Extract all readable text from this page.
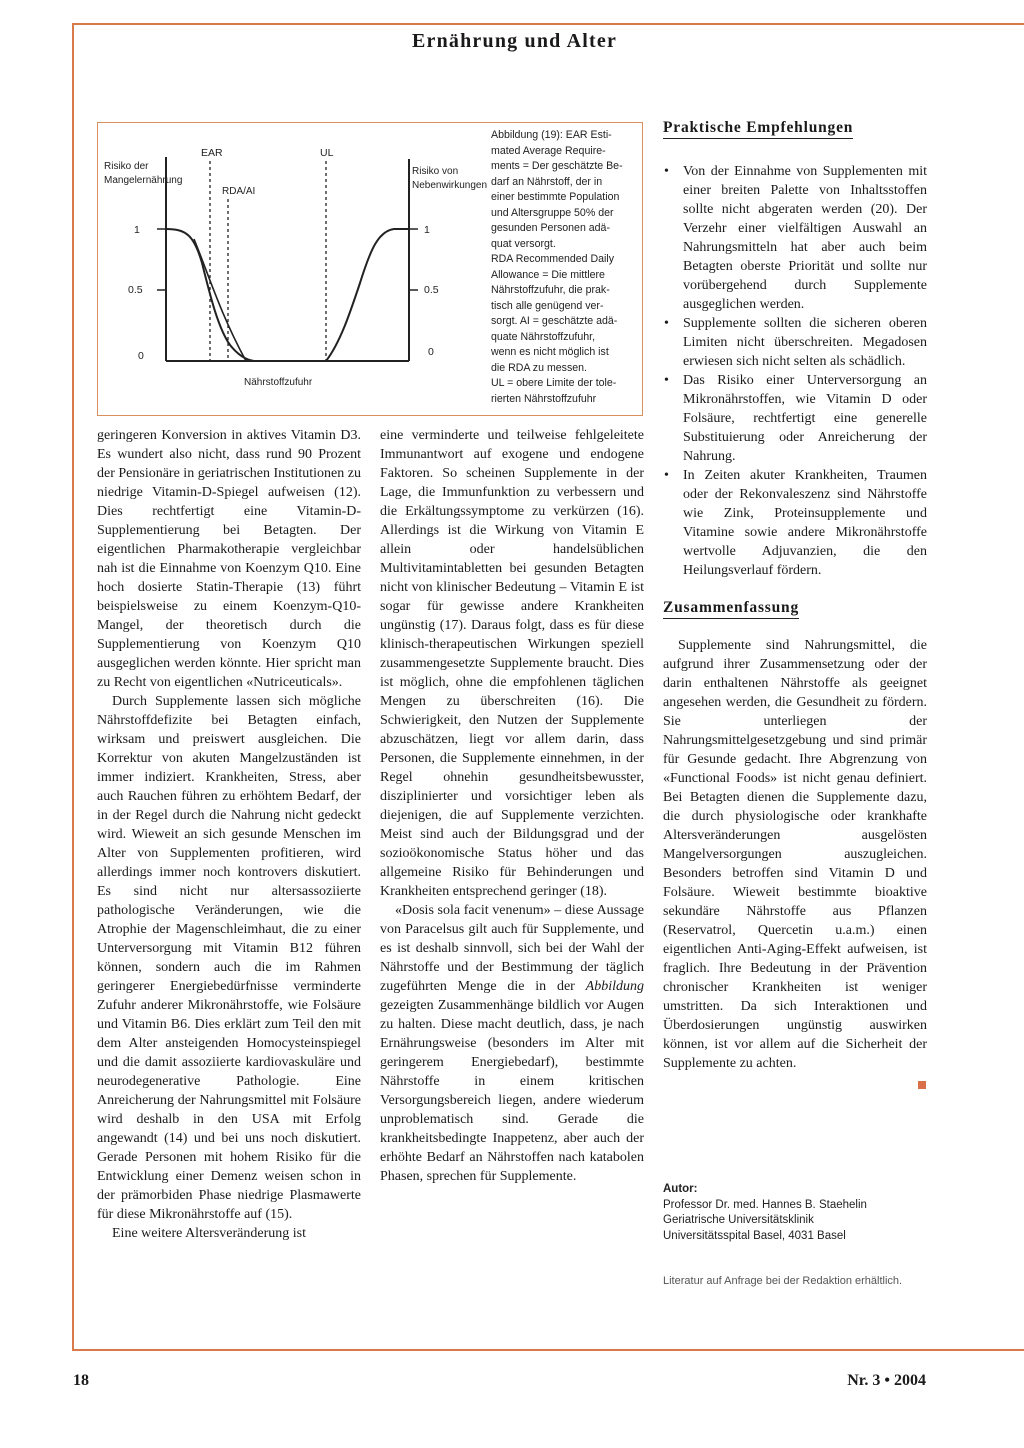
Ernährung und Alter
Risiko der
Mangelernährung
EAR
RDA/AI
UL
Risiko von
Nebenwirkungen
1
0.5
0
1
0.5
0
Nährstoffzufuhr
Abbildung (19): EAR Esti-
mated Average Require-
ments = Der geschätzte Be-
darf an Nährstoff, der in
einer bestimmte Population
und Altersgruppe 50% der
gesunden Personen adä-
quat versorgt.
RDA Recommended Daily
Allowance = Die mittlere
Nährstoffzufuhr, die prak-
tisch alle genügend ver-
sorgt. AI = geschätzte adä-
quate Nährstoffzufuhr,
wenn es nicht möglich ist
die RDA zu messen.
UL = obere Limite der tole-
rierten Nährstoffzufuhr

geringeren Konversion in aktives Vitamin D3. Es wundert also nicht, dass rund 90 Prozent der Pensionäre in geriatrischen Institutionen zu niedrige Vitamin-D-Spiegel aufweisen (12). Dies rechtfertigt eine Vitamin-D-Supplementierung bei Betagten. Der eigentlichen Pharmakotherapie vergleichbar nah ist die Einnahme von Koenzym Q10. Eine hoch dosierte Statin-Therapie (13) führt beispielsweise zu einem Koenzym-Q10-Mangel, der theoretisch durch die Supplementierung von Koenzym Q10 ausgeglichen werden könnte. Hier spricht man zu Recht von eigentlichen «Nutriceuticals».

Durch Supplemente lassen sich mögliche Nährstoffdefizite bei Betagten einfach, wirksam und preiswert ausgleichen. Die Korrektur von akuten Mangelzuständen ist immer indiziert. Krankheiten, Stress, aber auch Rauchen führen zu erhöhtem Bedarf, der in der Regel durch die Nahrung nicht gedeckt wird. Wieweit an sich gesunde Menschen im Alter von Supplementen profitieren, wird allerdings immer noch kontrovers diskutiert. Es sind nicht nur altersassoziierte pathologische Veränderungen, wie die Atrophie der Magenschleimhaut, die zu einer Unterversorgung mit Vitamin B12 führen können, sondern auch die im Rahmen geringerer Energiebedürfnisse verminderte Zufuhr anderer Mikronährstoffe, wie Folsäure und Vitamin B6. Dies erklärt zum Teil den mit dem Alter ansteigenden Homocysteinspiegel und die damit assoziierte kardiovaskuläre und neurodegenerative Pathologie. Eine Anreicherung der Nahrungsmittel mit Folsäure wird deshalb in den USA mit Erfolg angewandt (14) und bei uns noch diskutiert. Gerade Personen mit hohem Risiko für die Entwicklung einer Demenz weisen schon in der prämorbiden Phase niedrige Plasmawerte für diese Mikronährstoffe auf (15).

Eine weitere Altersveränderung ist

eine verminderte und teilweise fehlgeleitete Immunantwort auf exogene und endogene Faktoren. So scheinen Supplemente in der Lage, die Immunfunktion zu verbessern und die Erkältungssymptome zu verkürzen (16). Allerdings ist die Wirkung von Vitamin E allein oder handelsüblichen Multivitamintabletten bei gesunden Betagten nicht von klinischer Bedeutung – Vitamin E ist sogar für gewisse andere Krankheiten ungünstig (17). Daraus folgt, dass es für diese klinisch-therapeutischen Wirkungen speziell zusammengesetzte Supplemente braucht. Dies ist möglich, ohne die empfohlenen täglichen Mengen zu überschreiten (16). Die Schwierigkeit, den Nutzen der Supplemente abzuschätzen, liegt vor allem darin, dass Personen, die Supplemente einnehmen, in der Regel ohnehin gesundheitsbewusster, disziplinierter und vorsichtiger leben als diejenigen, die auf Supplemente verzichten. Meist sind auch der Bildungsgrad und der sozioökonomische Status höher und das allgemeine Risiko für Behinderungen und Krankheiten entsprechend geringer (18).

«Dosis sola facit venenum» – diese Aussage von Paracelsus gilt auch für Supplemente, und es ist deshalb sinnvoll, sich bei der Wahl der Nährstoffe und der Bestimmung der täglich zugeführten Menge die in der Abbildung gezeigten Zusammenhänge bildlich vor Augen zu halten. Diese macht deutlich, dass, je nach Ernährungsweise (besonders im Alter mit geringerem Energiebedarf), bestimmte Nährstoffe in einem kritischen Versorgungsbereich liegen, andere wiederum unproblematisch sind. Gerade die krankheitsbedingte Inappetenz, aber auch der erhöhte Bedarf an Nährstoffen nach katabolen Phasen, sprechen für Supplemente.

Praktische Empfehlungen
• Von der Einnahme von Supplementen mit einer breiten Palette von Inhaltsstoffen sollte nicht abgeraten werden (20). Der Verzehr einer vielfältigen Auswahl an Nahrungsmitteln hat aber auch beim Betagten oberste Priorität und sollte nur vorübergehend durch Supplemente ausgeglichen werden.
• Supplemente sollten die sicheren oberen Limiten nicht überschreiten. Megadosen erwiesen sich nicht selten als schädlich.
• Das Risiko einer Unterversorgung an Mikronährstoffen, wie Vitamin D oder Folsäure, rechtfertigt eine generelle Substituierung oder Anreicherung der Nahrung.
• In Zeiten akuter Krankheiten, Traumen oder der Rekonvaleszenz sind Nährstoffe wie Zink, Proteinsupplemente und Vitamine sowie andere Mikronährstoffe wertvolle Adjuvanzien, die den Heilungsverlauf fördern.
Zusammenfassung

Supplemente sind Nahrungsmittel, die aufgrund ihrer Zusammensetzung oder der darin enthaltenen Nährstoffe als geeignet angesehen werden, die Gesundheit zu fördern. Sie unterliegen der Nahrungsmittelgesetzgebung und sind primär für Gesunde gedacht. Ihre Abgrenzung von «Functional Foods» ist nicht genau definiert. Bei Betagten dienen die Supplemente dazu, die durch physiologische oder krankhafte Altersveränderungen ausgelösten Mangelversorgungen auszugleichen. Besonders betroffen sind Vitamin D und Folsäure. Wieweit bestimmte bioaktive sekundäre Nährstoffe aus Pflanzen (Reservatrol, Quercetin u.a.m.) einen eigentlichen Anti-Aging-Effekt aufweisen, ist fraglich. Ihre Bedeutung in der Prävention chronischer Krankheiten ist weniger umstritten. Da sich Interaktionen und Überdosierungen ungünstig auswirken können, ist vor allem auf die Sicherheit der Supplemente zu achten.

Autor:
Professor Dr. med. Hannes B. Staehelin
Geriatrische Universitätsklinik
Universitätsspital Basel, 4031 Basel
Literatur auf Anfrage bei der Redaktion erhältlich.
18	Nr. 3 • 2004
